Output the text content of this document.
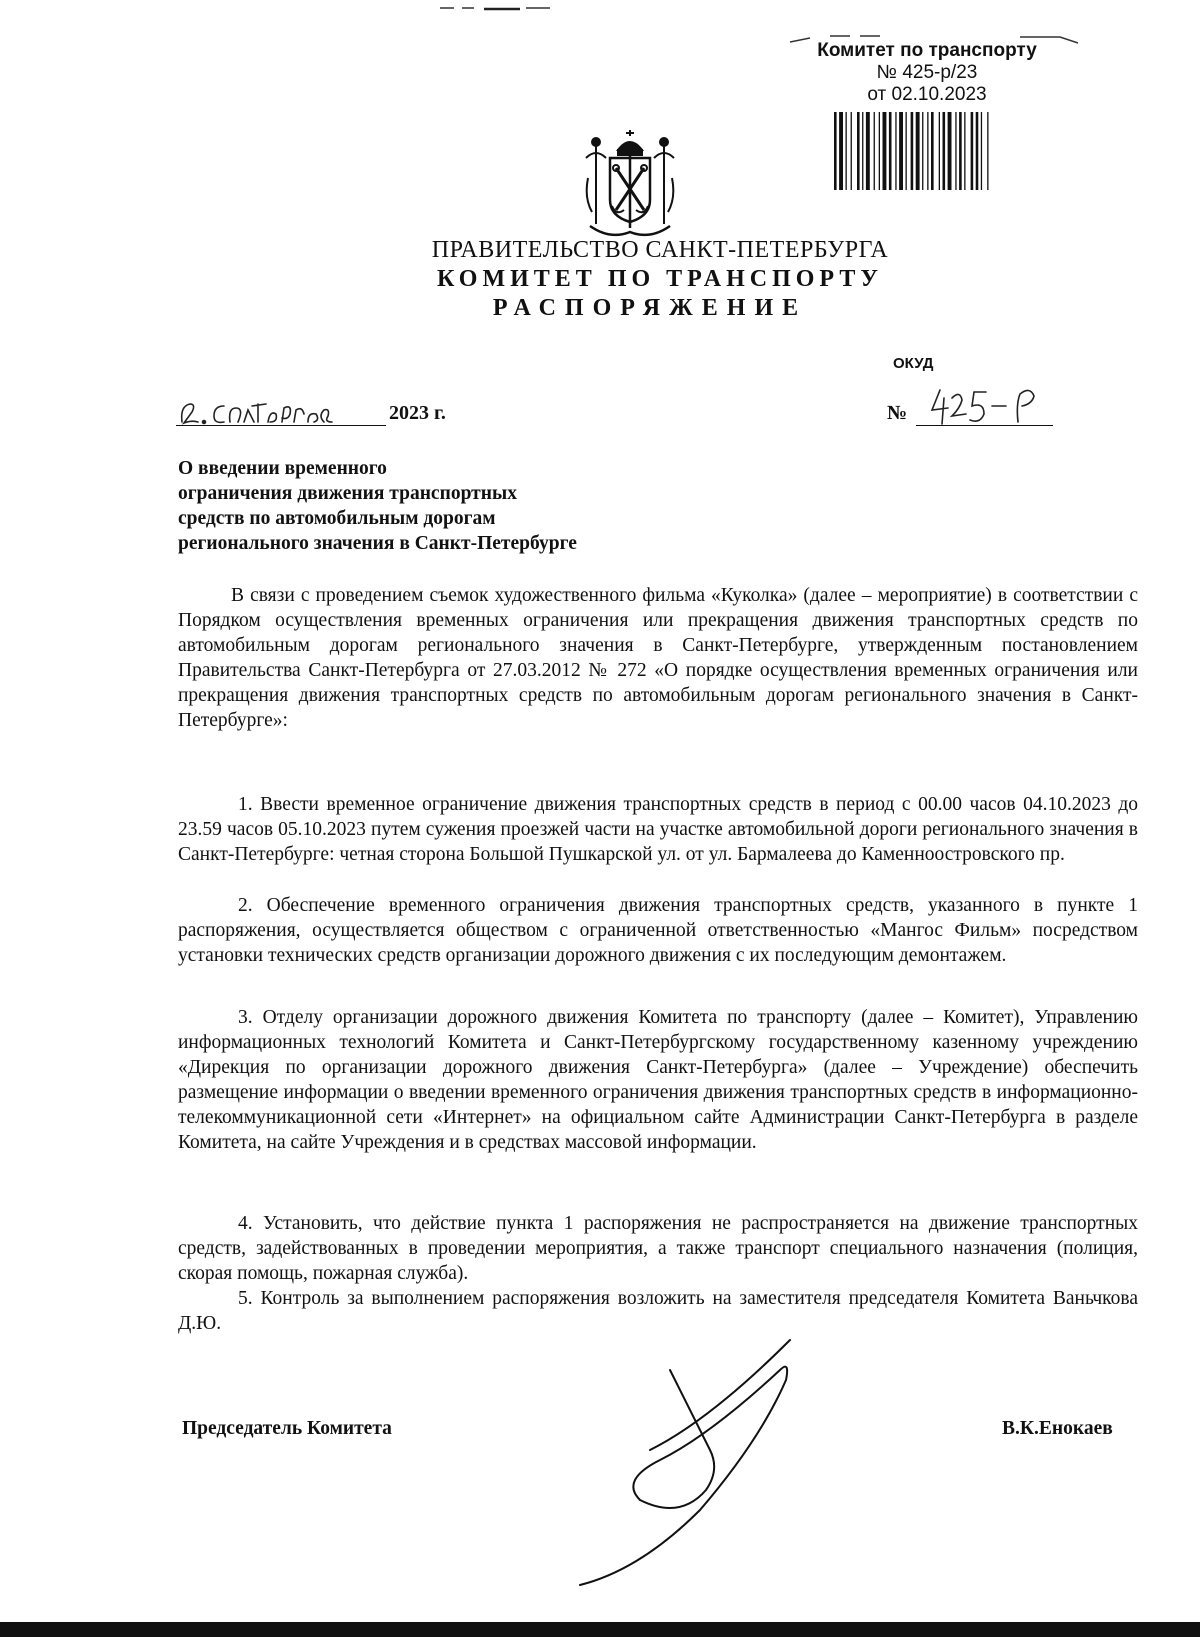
Комитет по транспорту
№ 425-р/23
от 02.10.2023
ПРАВИТЕЛЬСТВО САНКТ-ПЕТЕРБУРГА
КОМИТЕТ ПО ТРАНСПОРТУ
РАСПОРЯЖЕНИЕ
ОКУД
2023 г.	№
О введении временного
ограничения движения транспортных
средств по автомобильным дорогам
регионального значения в Санкт-Петербурге
В связи с проведением съемок художественного фильма «Куколка» (далее – мероприятие) в соответствии с Порядком осуществления временных ограничения или прекращения движения транспортных средств по автомобильным дорогам регионального значения в Санкт-Петербурге, утвержденным постановлением Правительства Санкт-Петербурга от 27.03.2012 № 272 «О порядке осуществления временных ограничения или прекращения движения транспортных средств по автомобильным дорогам регионального значения в Санкт-Петербурге»:
1. Ввести временное ограничение движения транспортных средств в период с 00.00 часов 04.10.2023 до 23.59 часов 05.10.2023 путем сужения проезжей части на участке автомобильной дороги регионального значения в Санкт-Петербурге: четная сторона Большой Пушкарской ул. от ул. Бармалеева до Каменноостровского пр.
2. Обеспечение временного ограничения движения транспортных средств, указанного в пункте 1 распоряжения, осуществляется обществом с ограниченной ответственностью «Мангос Фильм» посредством установки технических средств организации дорожного движения с их последующим демонтажем.
3. Отделу организации дорожного движения Комитета по транспорту (далее – Комитет), Управлению информационных технологий Комитета и Санкт-Петербургскому государственному казенному учреждению «Дирекция по организации дорожного движения Санкт-Петербурга» (далее – Учреждение) обеспечить размещение информации о введении временного ограничения движения транспортных средств в информационно-телекоммуникационной сети «Интернет» на официальном сайте Администрации Санкт-Петербурга в разделе Комитета, на сайте Учреждения и в средствах массовой информации.
4. Установить, что действие пункта 1 распоряжения не распространяется на движение транспортных средств, задействованных в проведении мероприятия, а также транспорт специального назначения (полиция, скорая помощь, пожарная служба).
5. Контроль за выполнением распоряжения возложить на заместителя председателя Комитета Ваньчкова Д.Ю.
Председатель Комитета	В.К.Енокаев
